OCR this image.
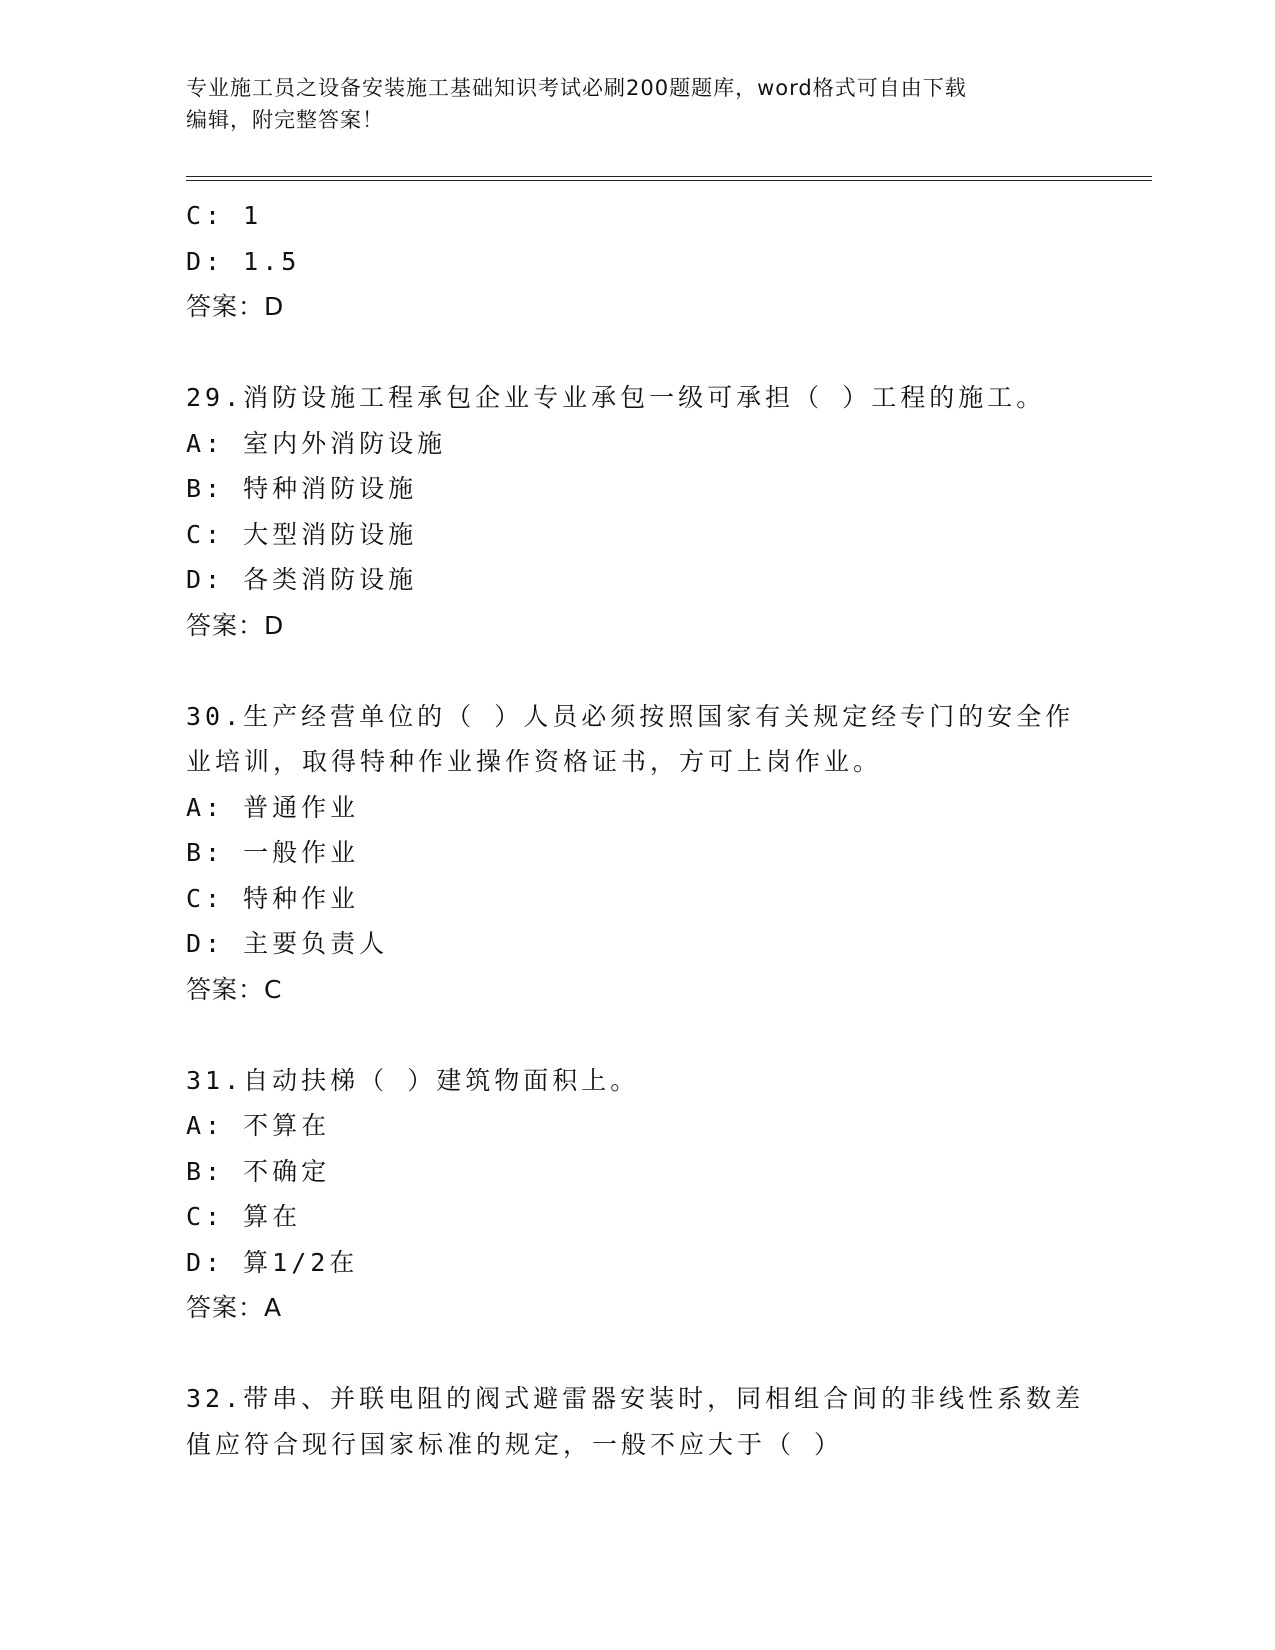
专业施工员之设备安装施工基础知识考试必刷200题题库，word格式可自由下载
编辑，附完整答案！
C: 1
D: 1.5
答案：D
29.消防设施工程承包企业专业承包一级可承担（ ）工程的施工。
A: 室内外消防设施
B: 特种消防设施
C: 大型消防设施
D: 各类消防设施
答案：D
30.生产经营单位的（ ）人员必须按照国家有关规定经专门的安全作
业培训，取得特种作业操作资格证书，方可上岗作业。
A: 普通作业
B: 一般作业
C: 特种作业
D: 主要负责人
答案：C
31.自动扶梯（ ）建筑物面积上。
A: 不算在
B: 不确定
C: 算在
D: 算1/2在
答案：A
32.带串、并联电阻的阀式避雷器安装时，同相组合间的非线性系数差
值应符合现行国家标准的规定，一般不应大于（ ）
